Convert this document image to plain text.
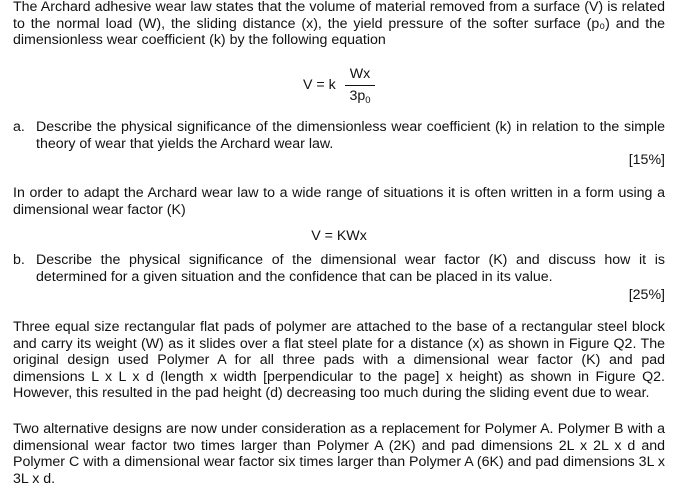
The Archard adhesive wear law states that the volume of material removed from a surface (V) is related to the normal load (W), the sliding distance (x), the yield pressure of the softer surface (p₀) and the dimensionless wear coefficient (k) by the following equation

V = k
Wx
$3p_0$
a. Describe the physical significance of the dimensionless wear coefficient (k) in relation to the simple theory of wear that yields the Archard wear law.

[15%]

In order to adapt the Archard wear law to a wide range of situations it is often written in a form using a dimensional wear factor (K)

V = KWx
b. Describe the physical significance of the dimensional wear factor (K) and discuss how it is determined for a given situation and the confidence that can be placed in its value.

[25%]

Three equal size rectangular flat pads of polymer are attached to the base of a rectangular steel block and carry its weight (W) as it slides over a flat steel plate for a distance (x) as shown in Figure Q2. The original design used Polymer A for all three pads with a dimensional wear factor (K) and pad dimensions L x L x d (length x width [perpendicular to the page] x height) as shown in Figure Q2. However, this resulted in the pad height (d) decreasing too much during the sliding event due to wear.

Two alternative designs are now under consideration as a replacement for Polymer A. Polymer B with a dimensional wear factor two times larger than Polymer A (2K) and pad dimensions 2L x 2L x d and Polymer C with a dimensional wear factor six times larger than Polymer A (6K) and pad dimensions 3L x 3L x d.
